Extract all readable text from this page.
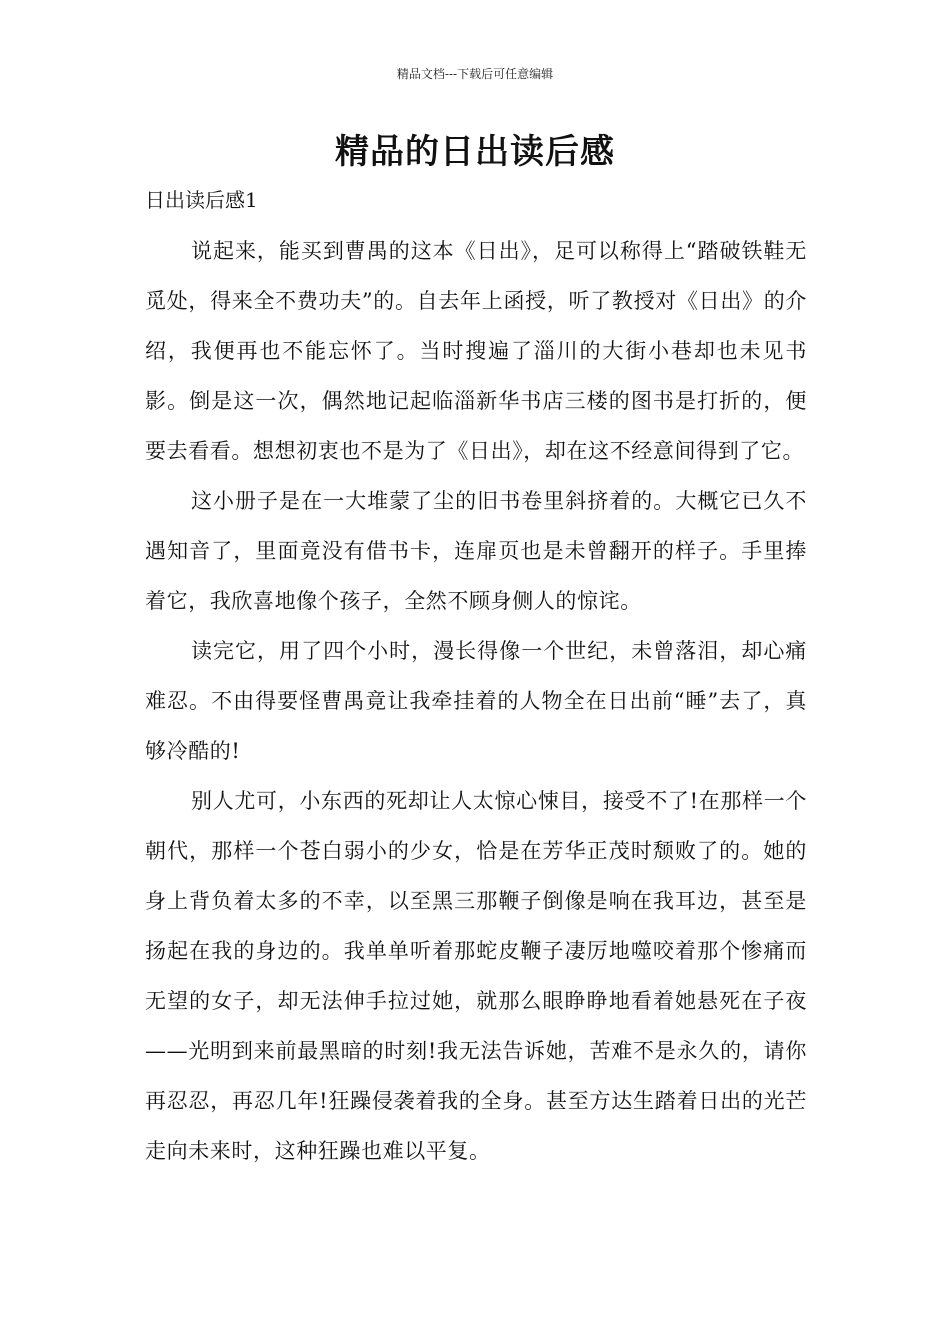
精品文档---下载后可任意编辑
精品的日出读后感
日出读后感1

说起来，能买到曹禺的这本《日出》，足可以称得上“踏破铁鞋无觅处，得来全不费功夫”的。自去年上函授，听了教授对《日出》的介绍，我便再也不能忘怀了。当时搜遍了淄川的大街小巷却也未见书影。倒是这一次，偶然地记起临淄新华书店三楼的图书是打折的，便要去看看。想想初衷也不是为了《日出》，却在这不经意间得到了它。

这小册子是在一大堆蒙了尘的旧书卷里斜挤着的。大概它已久不遇知音了，里面竟没有借书卡，连扉页也是未曾翻开的样子。手里捧着它，我欣喜地像个孩子，全然不顾身侧人的惊诧。

读完它，用了四个小时，漫长得像一个世纪，未曾落泪，却心痛难忍。不由得要怪曹禺竟让我牵挂着的人物全在日出前“睡”去了，真够冷酷的!

别人尤可，小东西的死却让人太惊心悚目，接受不了!在那样一个朝代，那样一个苍白弱小的少女，恰是在芳华正茂时颓败了的。她的身上背负着太多的不幸，以至黑三那鞭子倒像是响在我耳边，甚至是扬起在我的身边的。我单单听着那蛇皮鞭子凄厉地噬咬着那个惨痛而无望的女子，却无法伸手拉过她，就那么眼睁睁地看着她悬死在子夜——光明到来前最黑暗的时刻!我无法告诉她，苦难不是永久的，请你再忍忍，再忍几年!狂躁侵袭着我的全身。甚至方达生踏着日出的光芒走向未来时，这种狂躁也难以平复。
